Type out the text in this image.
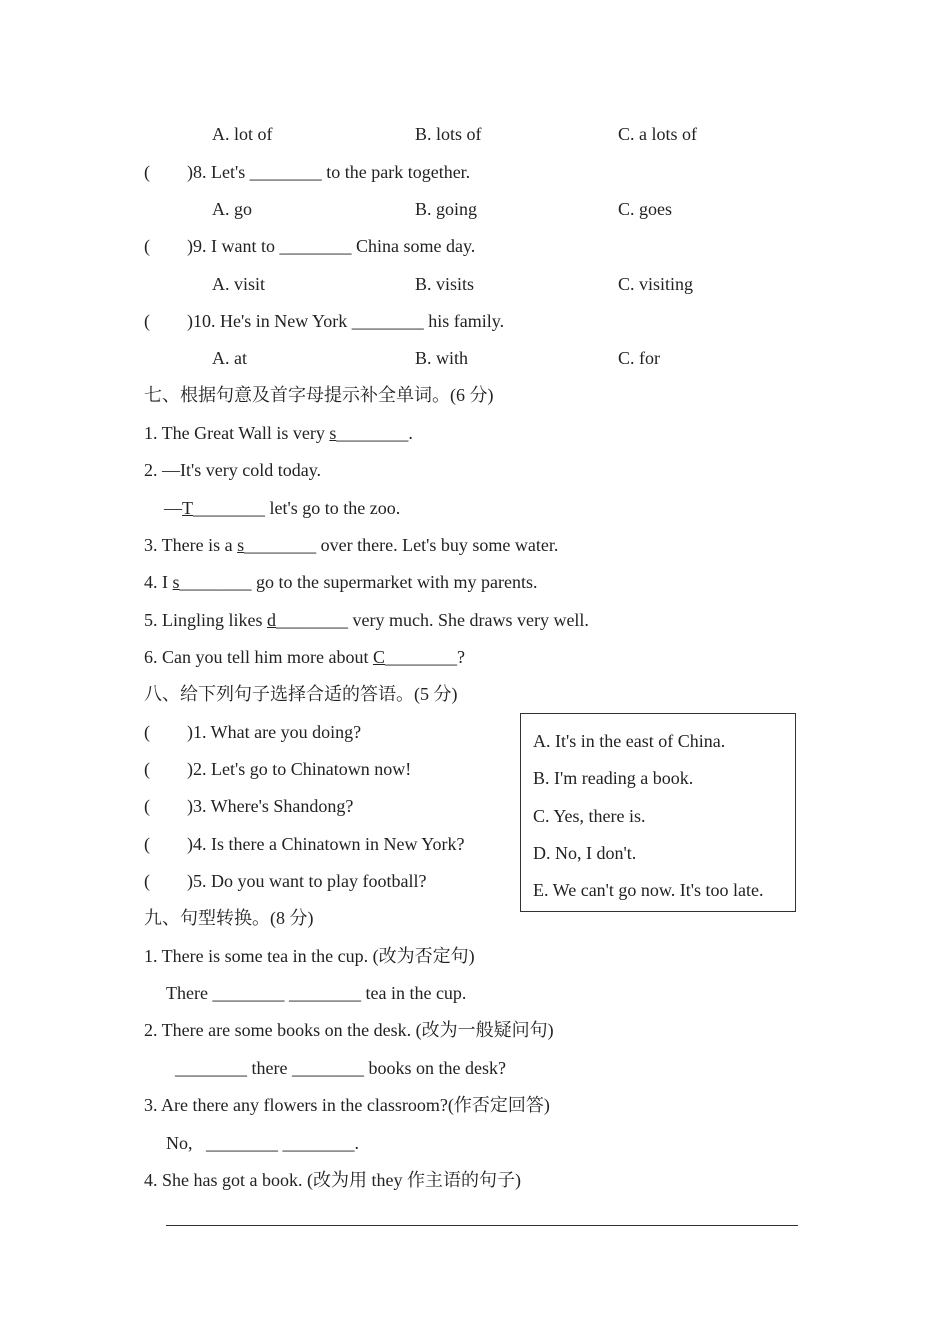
A. lot of	B. lots of	C. a lots of
( )8. Let's ________ to the park together.
A. go	B. going	C. goes
( )9. I want to ________ China some day.
A. visit	B. visits	C. visiting
( )10. He's in New York ________ his family.
A. at	B. with	C. for
七、根据句意及首字母提示补全单词。(6 分)
1. The Great Wall is very s________.
2. —It's very cold today.
—T________ let's go to the zoo.
3. There is a s________ over there. Let's buy some water.
4. I s________ go to the supermarket with my parents.
5. Lingling likes d________ very much. She draws very well.
6. Can you tell him more about C________?
八、给下列句子选择合适的答语。(5 分)
( )1. What are you doing?
( )2. Let's go to Chinatown now!
( )3. Where's Shandong?
( )4. Is there a Chinatown in New York?
( )5. Do you want to play football?
A. It's in the east of China.
B. I'm reading a book.
C. Yes, there is.
D. No, I don't.
E. We can't go now. It's too late.
九、句型转换。(8 分)
1. There is some tea in the cup. (改为否定句)
There ________ ________ tea in the cup.
2. There are some books on the desk. (改为一般疑问句)
________ there ________ books on the desk?
3. Are there any flowers in the classroom?(作否定回答)
No,   ________ ________.
4. She has got a book. (改为用 they 作主语的句子)
